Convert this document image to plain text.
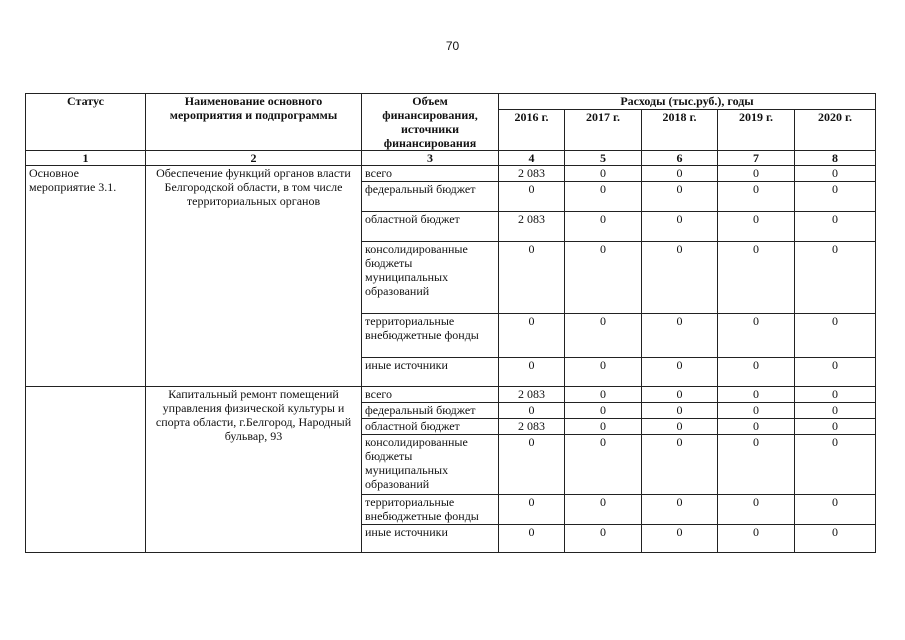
70
Статус	Наименование основного мероприятия и подпрограммы	Объем финансирования, источники финансирования	Расходы (тыс.руб.), годы				
			2016 г.	2017 г.	2018 г.	2019 г.	2020 г.
1	2	3	4	5	6	7	8
Основное мероприятие 3.1.	Обеспечение функций органов власти Белгородской области, в том числе территориальных органов	всего	2 083	0	0	0	0
		федеральный бюджет	0	0	0	0	0
		областной бюджет	2 083	0	0	0	0
		консолидированные бюджеты муниципальных образований	0	0	0	0	0
		территориальные внебюджетные фонды	0	0	0	0	0
		иные источники	0	0	0	0	0
	Капитальный ремонт помещений управления физической культуры и спорта области, г.Белгород, Народный бульвар, 93	всего	2 083	0	0	0	0
		федеральный бюджет	0	0	0	0	0
		областной бюджет	2 083	0	0	0	0
		консолидированные бюджеты муниципальных образований	0	0	0	0	0
		территориальные внебюджетные фонды	0	0	0	0	0
		иные источники	0	0	0	0	0
